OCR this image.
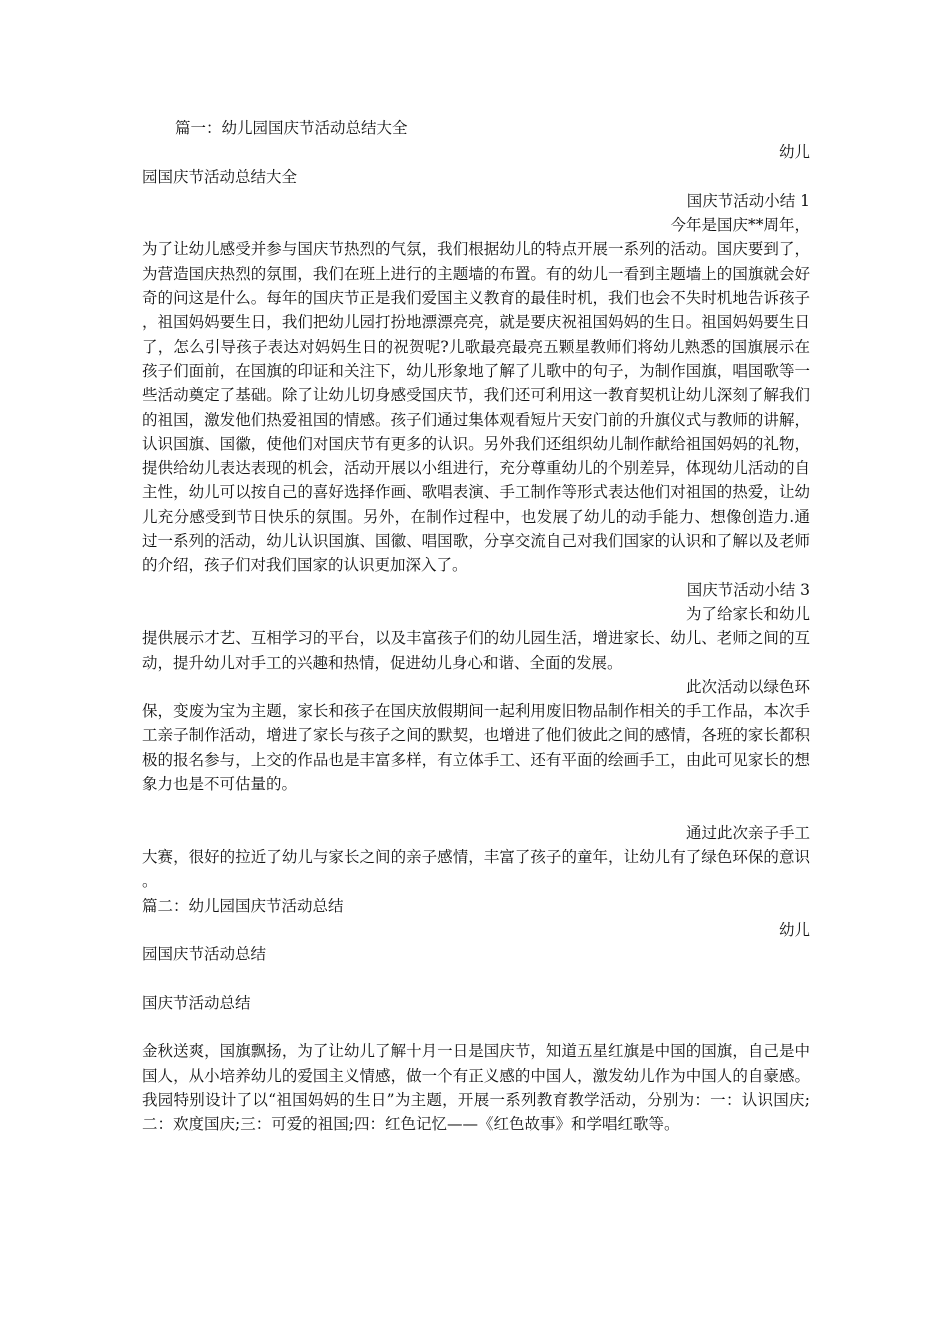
篇一：幼儿园国庆节活动总结大全
幼儿
园国庆节活动总结大全
国庆节活动小结 1
今年是国庆**周年，
为了让幼儿感受并参与国庆节热烈的气氛，我们根据幼儿的特点开展一系列的活动。国庆要到了，为营造国庆热烈的氛围，我们在班上进行的主题墙的布置。有的幼儿一看到主题墙上的国旗就会好奇的问这是什么。每年的国庆节正是我们爱国主义教育的最佳时机，我们也会不失时机地告诉孩子，祖国妈妈要生日，我们把幼儿园打扮地漂漂亮亮，就是要庆祝祖国妈妈的生日。祖国妈妈要生日了，怎么引导孩子表达对妈妈生日的祝贺呢?儿歌最亮最亮五颗星教师们将幼儿熟悉的国旗展示在孩子们面前，在国旗的印证和关注下，幼儿形象地了解了儿歌中的句子，为制作国旗，唱国歌等一些活动奠定了基础。除了让幼儿切身感受国庆节，我们还可利用这一教育契机让幼儿深刻了解我们的祖国，激发他们热爱祖国的情感。孩子们通过集体观看短片天安门前的升旗仪式与教师的讲解，认识国旗、国徽，使他们对国庆节有更多的认识。另外我们还组织幼儿制作献给祖国妈妈的礼物，提供给幼儿表达表现的机会，活动开展以小组进行，充分尊重幼儿的个别差异，体现幼儿活动的自主性，幼儿可以按自己的喜好选择作画、歌唱表演、手工制作等形式表达他们对祖国的热爱，让幼儿充分感受到节日快乐的氛围。另外，在制作过程中，也发展了幼儿的动手能力、想像创造力.通过一系列的活动，幼儿认识国旗、国徽、唱国歌，分享交流自己对我们国家的认识和了解以及老师的介绍，孩子们对我们国家的认识更加深入了。
国庆节活动小结 3
为了给家长和幼儿
提供展示才艺、互相学习的平台，以及丰富孩子们的幼儿园生活，增进家长、幼儿、老师之间的互动，提升幼儿对手工的兴趣和热情，促进幼儿身心和谐、全面的发展。
此次活动以绿色环
保，变废为宝为主题，家长和孩子在国庆放假期间一起利用废旧物品制作相关的手工作品，本次手工亲子制作活动，增进了家长与孩子之间的默契，也增进了他们彼此之间的感情，各班的家长都积极的报名参与，上交的作品也是丰富多样，有立体手工、还有平面的绘画手工，由此可见家长的想象力也是不可估量的。
通过此次亲子手工
大赛，很好的拉近了幼儿与家长之间的亲子感情，丰富了孩子的童年，让幼儿有了绿色环保的意识。
篇二：幼儿园国庆节活动总结
幼儿
园国庆节活动总结
国庆节活动总结
金秋送爽，国旗飘扬，为了让幼儿了解十月一日是国庆节，知道五星红旗是中国的国旗，自己是中国人，从小培养幼儿的爱国主义情感，做一个有正义感的中国人，激发幼儿作为中国人的自豪感。我园特别设计了以“祖国妈妈的生日”为主题，开展一系列教育教学活动，分别为：一：认识国庆;二：欢度国庆;三：可爱的祖国;四：红色记忆——《红色故事》和学唱红歌等。
